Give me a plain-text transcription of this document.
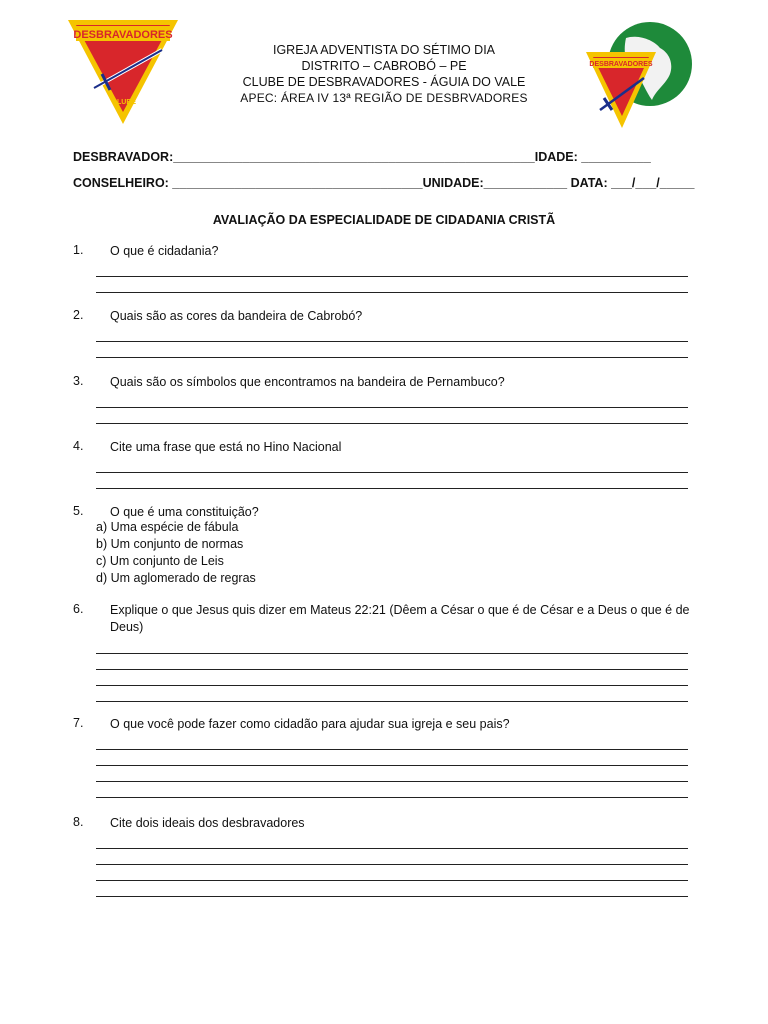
DESBRAVADORES
CLUBE
DESBRAVADORES
IGREJA ADVENTISTA DO SÉTIMO DIA
DISTRITO – CABROBÓ – PE
CLUBE DE DESBRAVADORES - ÁGUIA DO VALE
APEC: ÁREA IV 13ª REGIÃO DE DESBRVADORES
DESBRAVADOR:____________________________________________________IDADE: __________
CONSELHEIRO: ____________________________________UNIDADE:____________ DATA: ___/___/_____
AVALIAÇÃO DA ESPECIALIDADE DE CIDADANIA CRISTÃ
1. O que é cidadania?
2. Quais são as cores da bandeira de Cabrobó?
3. Quais são os símbolos que encontramos na bandeira de Pernambuco?
4. Cite uma frase que está no Hino Nacional
5. O que é uma constituição?
a) Uma espécie de fábula
b) Um conjunto de normas
c) Um conjunto de Leis
d) Um aglomerado de regras
6. Explique o que Jesus quis dizer em Mateus 22:21 (Dêem a César o que é de César e a Deus o que é de Deus)
7. O que você pode fazer como cidadão para ajudar sua igreja e seu pais?
8. Cite dois ideais dos desbravadores
